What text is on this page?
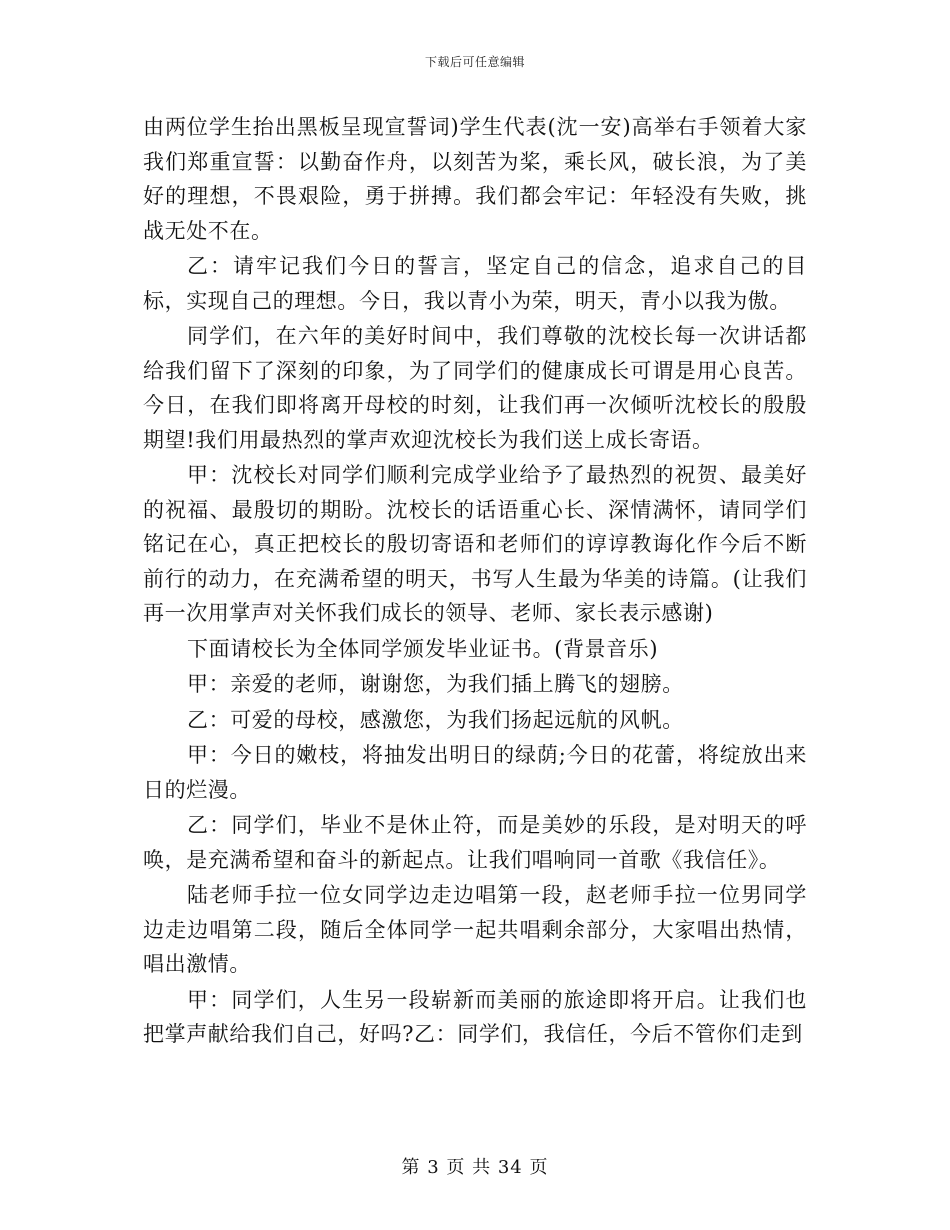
下载后可任意编辑

由两位学生抬出黑板呈现宣誓词)学生代表(沈一安)高举右手领着大家我们郑重宣誓：以勤奋作舟，以刻苦为桨，乘长风，破长浪，为了美好的理想，不畏艰险，勇于拼搏。我们都会牢记：年轻没有失败，挑战无处不在。

乙：请牢记我们今日的誓言，坚定自己的信念，追求自己的目标，实现自己的理想。今日，我以青小为荣，明天，青小以我为傲。

同学们，在六年的美好时间中，我们尊敬的沈校长每一次讲话都给我们留下了深刻的印象，为了同学们的健康成长可谓是用心良苦。今日，在我们即将离开母校的时刻，让我们再一次倾听沈校长的殷殷期望!我们用最热烈的掌声欢迎沈校长为我们送上成长寄语。

甲：沈校长对同学们顺利完成学业给予了最热烈的祝贺、最美好的祝福、最殷切的期盼。沈校长的话语重心长、深情满怀，请同学们铭记在心，真正把校长的殷切寄语和老师们的谆谆教诲化作今后不断前行的动力，在充满希望的明天，书写人生最为华美的诗篇。(让我们再一次用掌声对关怀我们成长的领导、老师、家长表示感谢)

下面请校长为全体同学颁发毕业证书。(背景音乐)

甲：亲爱的老师，谢谢您，为我们插上腾飞的翅膀。

乙：可爱的母校，感激您，为我们扬起远航的风帆。

甲：今日的嫩枝，将抽发出明日的绿荫;今日的花蕾，将绽放出来日的烂漫。

乙：同学们，毕业不是休止符，而是美妙的乐段，是对明天的呼唤，是充满希望和奋斗的新起点。让我们唱响同一首歌《我信任》。

陆老师手拉一位女同学边走边唱第一段，赵老师手拉一位男同学边走边唱第二段，随后全体同学一起共唱剩余部分，大家唱出热情，唱出激情。

甲：同学们，人生另一段崭新而美丽的旅途即将开启。让我们也把掌声献给我们自己，好吗?乙：同学们，我信任，今后不管你们走到

第 3 页 共 34 页
